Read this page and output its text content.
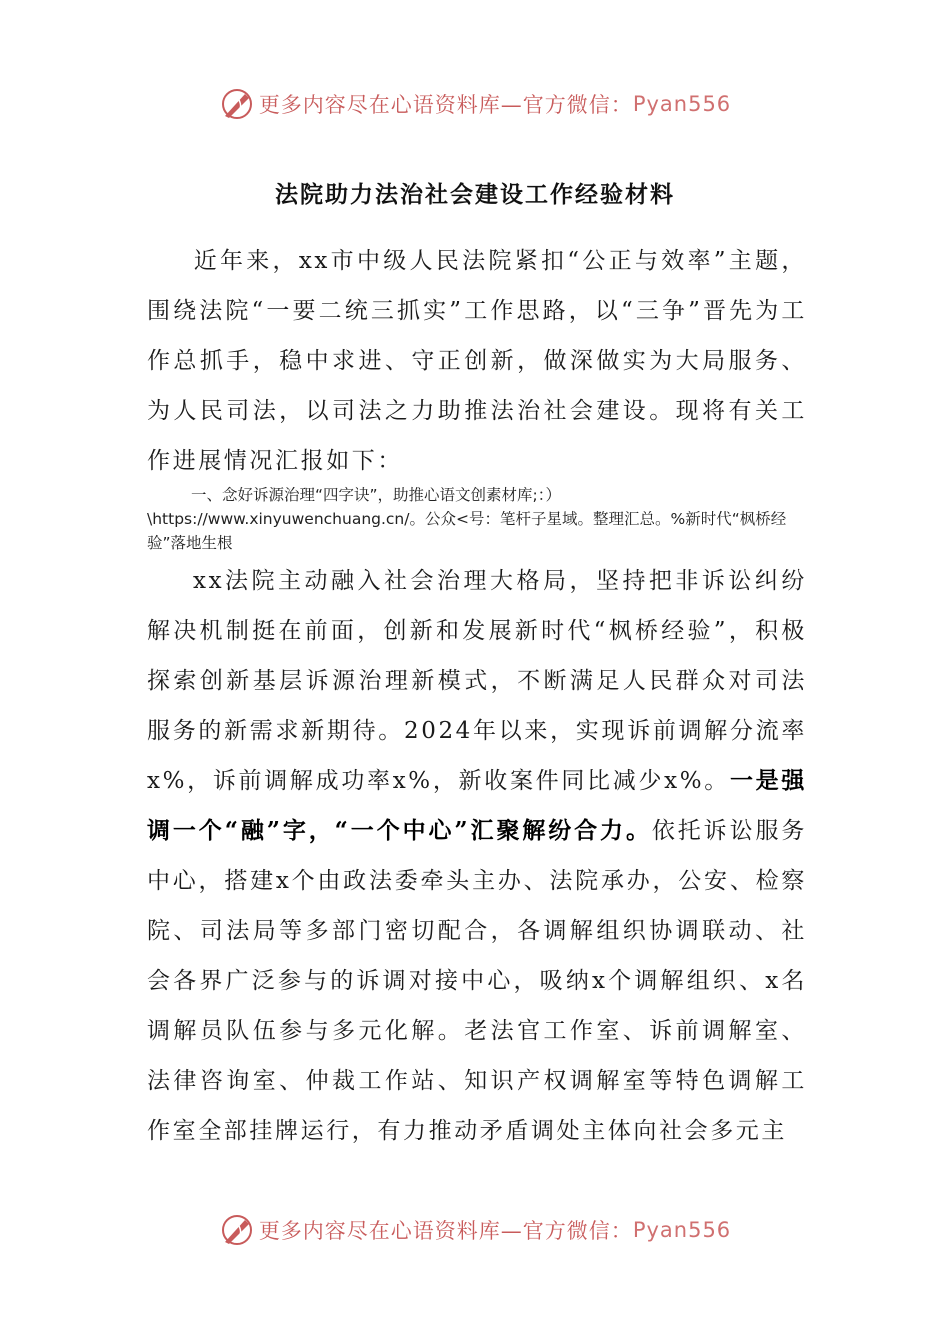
更多内容尽在心语资料库—官方微信： Pyan556
法院助力法治社会建设工作经验材料

近年来，xx市中级人民法院紧扣“公正与效率”主题，围绕法院“一要二统三抓实”工作思路，以“三争”晋先为工作总抓手，稳中求进、守正创新，做深做实为大局服务、为人民司法，以司法之力助推法治社会建设。现将有关工作进展情况汇报如下：

一、念好诉源治理“四字诀”，助推心语文创素材库;：）\https://www.xinyuwenchuang.cn/。公众<号：笔杆子星域。整理汇总。%新时代“枫桥经验”落地生根

xx法院主动融入社会治理大格局，坚持把非诉讼纠纷解决机制挺在前面，创新和发展新时代“枫桥经验”，积极探索创新基层诉源治理新模式，不断满足人民群众对司法服务的新需求新期待。2024年以来，实现诉前调解分流率x%，诉前调解成功率x%，新收案件同比减少x%。一是强调一个“融”字，“一个中心”汇聚解纷合力。依托诉讼服务中心，搭建x个由政法委牵头主办、法院承办，公安、检察院、司法局等多部门密切配合，各调解组织协调联动、社会各界广泛参与的诉调对接中心，吸纳x个调解组织、x名调解员队伍参与多元化解。老法官工作室、诉前调解室、法律咨询室、仲裁工作站、知识产权调解室等特色调解工作室全部挂牌运行，有力推动矛盾调处主体向社会多元主

更多内容尽在心语资料库—官方微信： Pyan556
